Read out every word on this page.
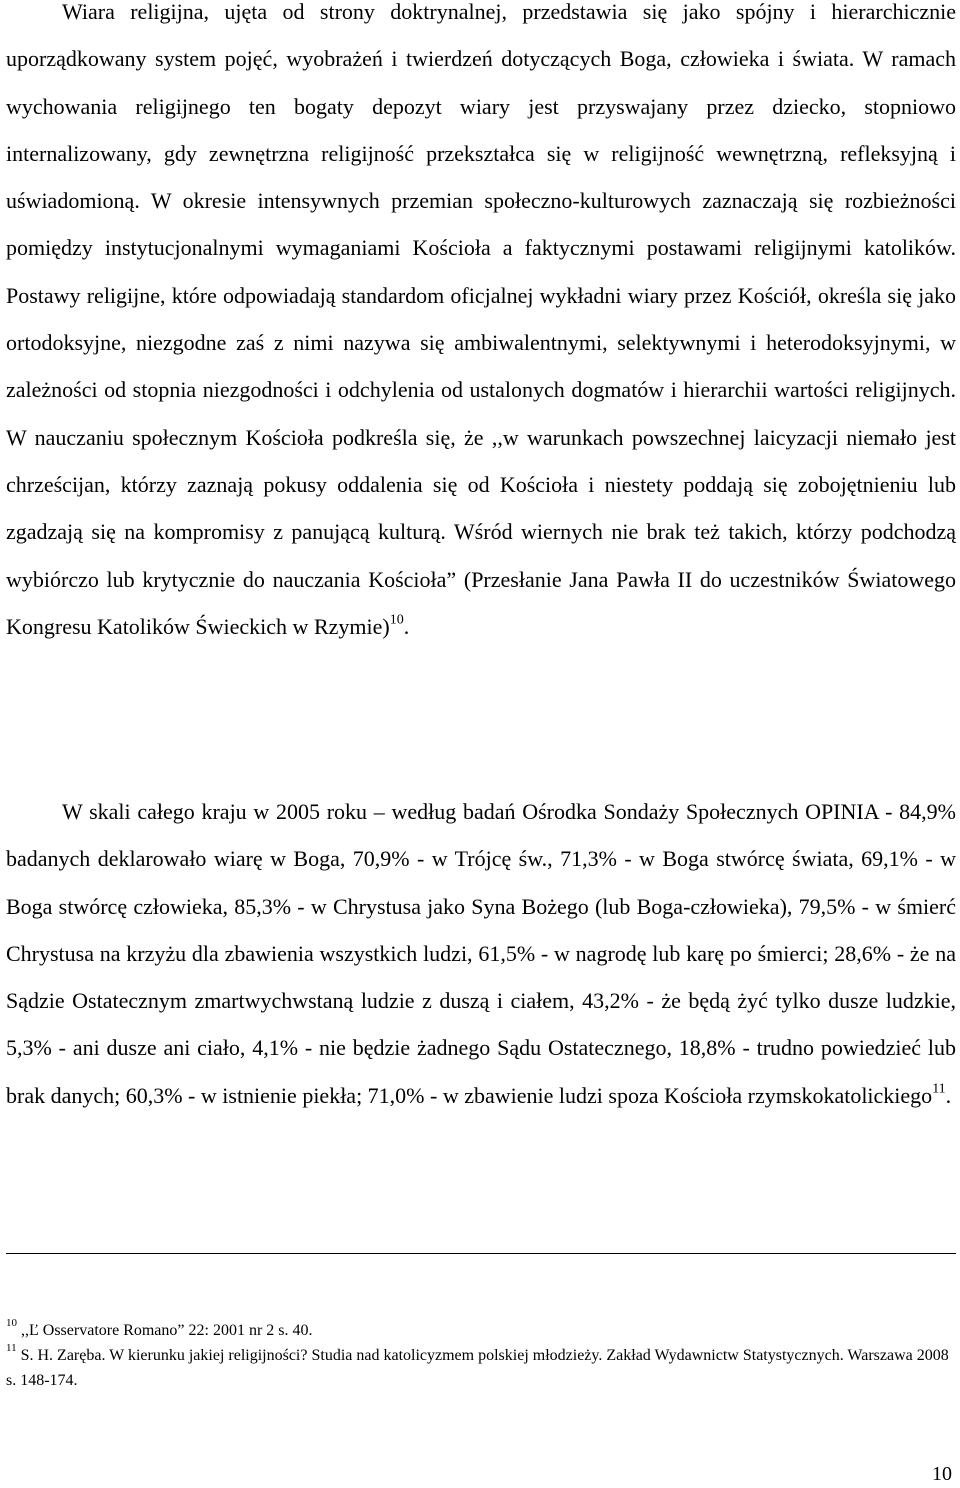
Wiara religijna, ujęta od strony doktrynalnej, przedstawia się jako spójny i hierarchicznie uporządkowany system pojęć, wyobrażeń i twierdzeń dotyczących Boga, człowieka i świata. W ramach wychowania religijnego ten bogaty depozyt wiary jest przyswajany przez dziecko, stopniowo internalizowany, gdy zewnętrzna religijność przekształca się w religijność wewnętrzną, refleksyjną i uświadomioną. W okresie intensywnych przemian społeczno-kulturowych zaznaczają się rozbieżności pomiędzy instytucjonalnymi wymaganiami Kościoła a faktycznymi postawami religijnymi katolików. Postawy religijne, które odpowiadają standardom oficjalnej wykładni wiary przez Kościół, określa się jako ortodoksyjne, niezgodne zaś z nimi nazywa się ambiwalentnymi, selektywnymi i heterodoksyjnymi, w zależności od stopnia niezgodności i odchylenia od ustalonych dogmatów i hierarchii wartości religijnych. W nauczaniu społecznym Kościoła podkreśla się, że ,,w warunkach powszechnej laicyzacji niemało jest chrześcijan, którzy zaznają pokusy oddalenia się od Kościoła i niestety poddają się zobojętnieniu lub zgadzają się na kompromisy z panującą kulturą. Wśród wiernych nie brak też takich, którzy podchodzą wybiórczo lub krytycznie do nauczania Kościoła” (Przesłanie Jana Pawła II do uczestników Światowego Kongresu Katolików Świeckich w Rzymie)$^{10}$.

W skali całego kraju w 2005 roku – według badań Ośrodka Sondaży Społecznych OPINIA - 84,9% badanych deklarowało wiarę w Boga, 70,9% - w Trójcę św., 71,3% - w Boga stwórcę świata, 69,1% - w Boga stwórcę człowieka, 85,3% - w Chrystusa jako Syna Bożego (lub Boga-człowieka), 79,5% - w śmierć Chrystusa na krzyżu dla zbawienia wszystkich ludzi, 61,5% - w nagrodę lub karę po śmierci; 28,6% - że na Sądzie Ostatecznym zmartwychwstaną ludzie z duszą i ciałem, 43,2% - że będą żyć tylko dusze ludzkie, 5,3% - ani dusze ani ciało, 4,1% - nie będzie żadnego Sądu Ostatecznego, 18,8% - trudno powiedzieć lub brak danych; 60,3% - w istnienie piekła; 71,0% - w zbawienie ludzi spoza Kościoła rzymskokatolickiego$^{11}$.

$^{10}$ ,,Ľ Osservatore Romano” 22: 2001 nr 2 s. 40.

$^{11}$ S. H. Zaręba. W kierunku jakiej religijności? Studia nad katolicyzmem polskiej młodzieży. Zakład Wydawnictw Statystycznych. Warszawa 2008 s. 148-174.

10
